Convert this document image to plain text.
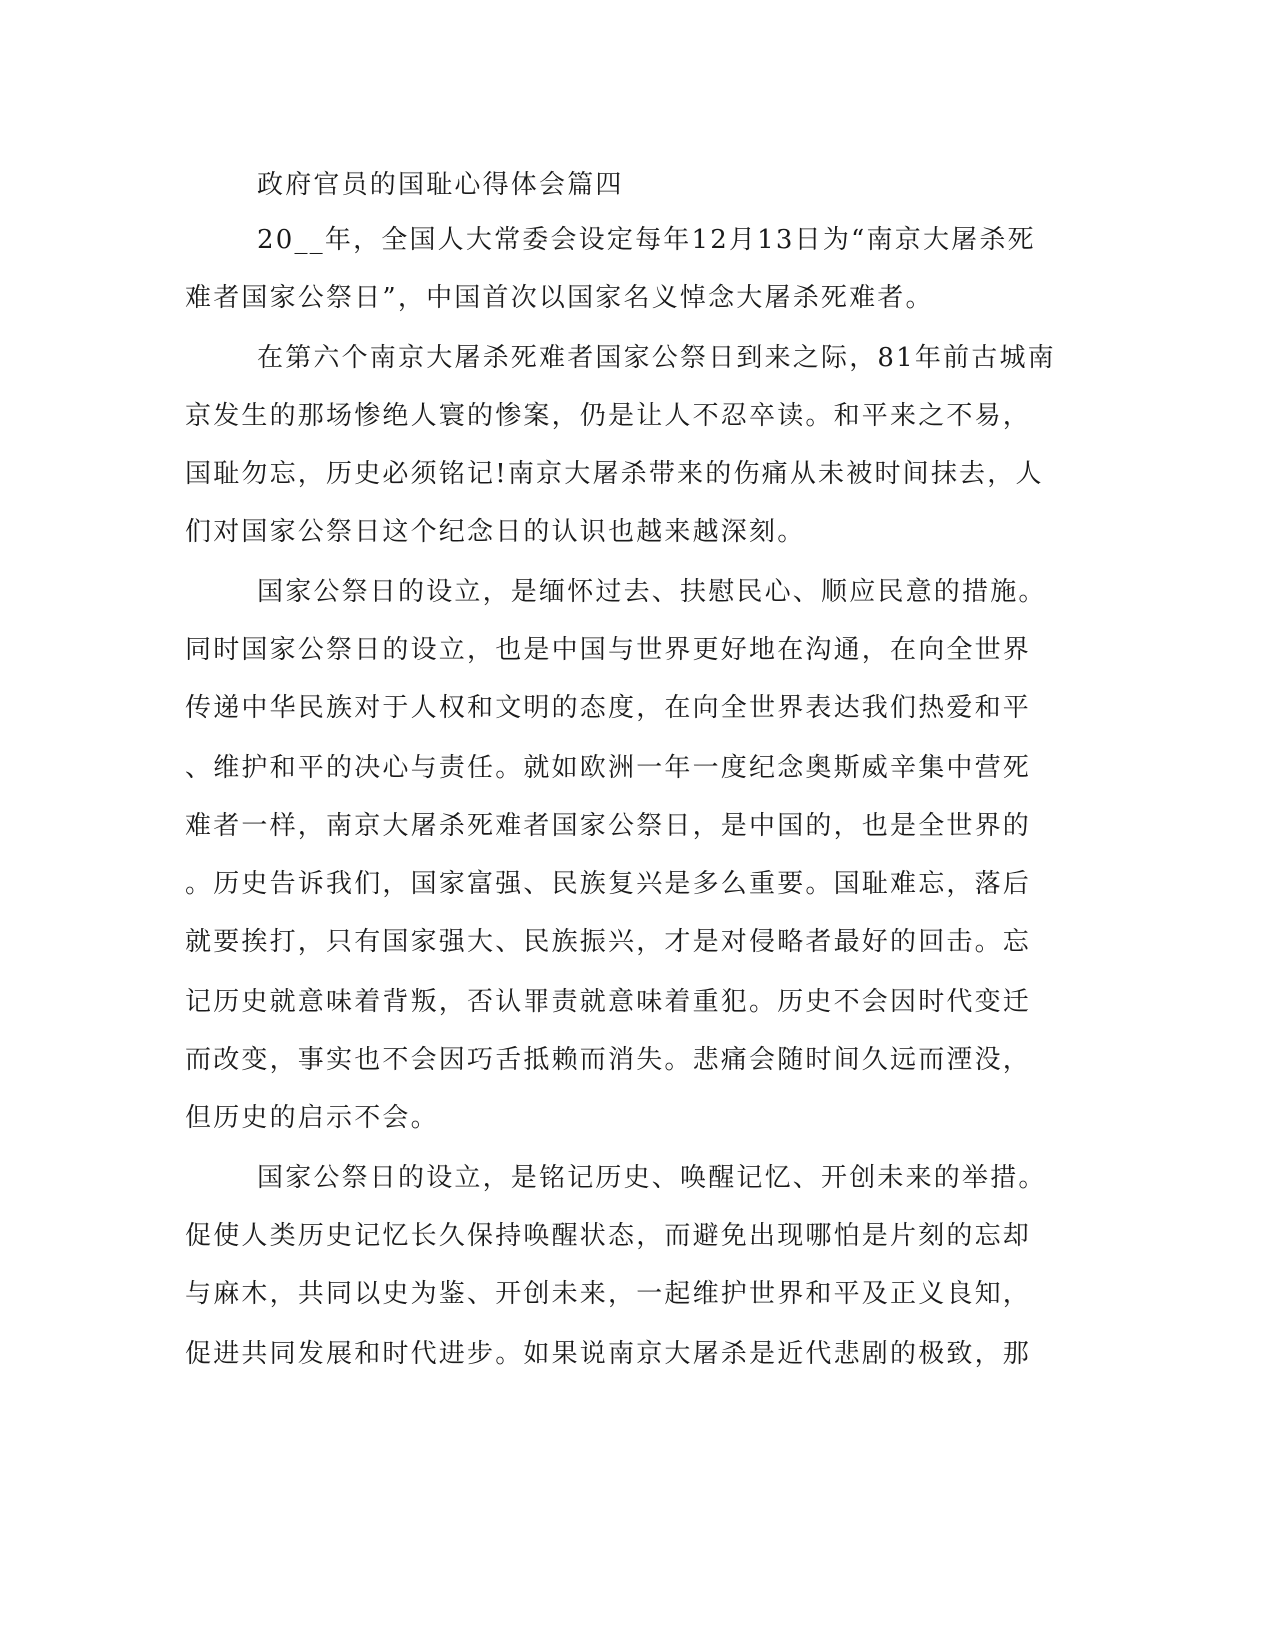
政府官员的国耻心得体会篇四
20__年，全国人大常委会设定每年12月13日为“南京大屠杀死
难者国家公祭日”，中国首次以国家名义悼念大屠杀死难者。
在第六个南京大屠杀死难者国家公祭日到来之际，81年前古城南
京发生的那场惨绝人寰的惨案，仍是让人不忍卒读。和平来之不易，
国耻勿忘，历史必须铭记!南京大屠杀带来的伤痛从未被时间抹去，人
们对国家公祭日这个纪念日的认识也越来越深刻。
国家公祭日的设立，是缅怀过去、扶慰民心、顺应民意的措施。
同时国家公祭日的设立，也是中国与世界更好地在沟通，在向全世界
传递中华民族对于人权和文明的态度，在向全世界表达我们热爱和平
、维护和平的决心与责任。就如欧洲一年一度纪念奥斯威辛集中营死
难者一样，南京大屠杀死难者国家公祭日，是中国的，也是全世界的
。历史告诉我们，国家富强、民族复兴是多么重要。国耻难忘，落后
就要挨打，只有国家强大、民族振兴，才是对侵略者最好的回击。忘
记历史就意味着背叛，否认罪责就意味着重犯。历史不会因时代变迁
而改变，事实也不会因巧舌抵赖而消失。悲痛会随时间久远而湮没，
但历史的启示不会。
国家公祭日的设立，是铭记历史、唤醒记忆、开创未来的举措。
促使人类历史记忆长久保持唤醒状态，而避免出现哪怕是片刻的忘却
与麻木，共同以史为鉴、开创未来，一起维护世界和平及正义良知，
促进共同发展和时代进步。如果说南京大屠杀是近代悲剧的极致，那
